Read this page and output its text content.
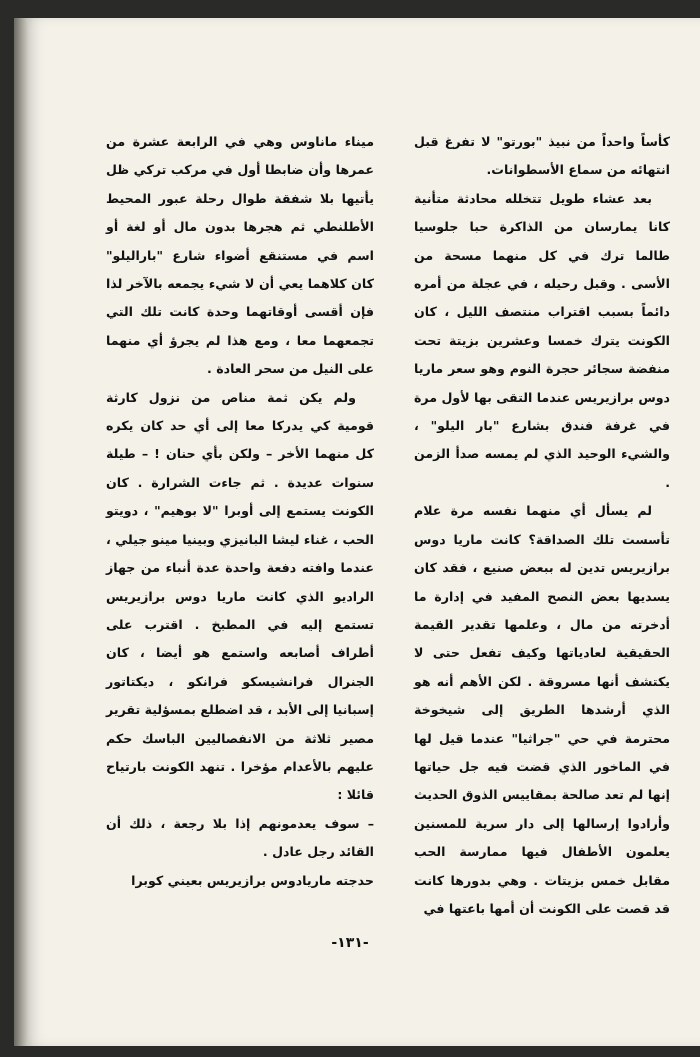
كأساً واحداً من نبيذ "بورتو" لا تفرغ قبل انتهائه من سماع الأسطوانات.

بعد عشاء طويل تتخلله محادثة متأنية كانا يمارسان من الذاكرة حبا جلوسيا طالما ترك في كل منهما مسحة من الأسى . وقبل رحيله ، في عجلة من أمره دائماً بسبب اقتراب منتصف الليل ، كان الكونت يترك خمسا وعشرين بزيتة تحت منفضة سجائر حجرة النوم وهو سعر ماريا دوس برازيريس عندما التقى بها لأول مرة في غرفة فندق بشارع "بار اليلو" ، والشيء الوحيد الذي لم يمسه صدأ الزمن .

لم يسأل أي منهما نفسه مرة علام تأسست تلك الصداقة؟ كانت ماريا دوس برازيريس تدين له ببعض صنيع ، فقد كان يسديها بعض النصح المفيد في إدارة ما أدخرته من مال ، وعلمها تقدير القيمة الحقيقية لعادياتها وكيف تفعل حتى لا يكتشف أنها مسروقة . لكن الأهم أنه هو الذي أرشدها الطريق إلى شيخوخة محترمة في حي "جراثيا" عندما قيل لها في الماخور الذي قضت فيه جل حياتها إنها لم تعد صالحة بمقاييس الذوق الحديث وأرادوا إرسالها إلى دار سرية للمسنين يعلمون الأطفال فيها ممارسة الحب مقابل خمس بزيتات . وهي بدورها كانت قد قصت على الكونت أن أمها باعتها في

ميناء ماناوس وهي في الرابعة عشرة من عمرها وأن ضابطا أول في مركب تركي ظل يأتيها بلا شفقة طوال رحلة عبور المحيط الأطلنطي ثم هجرها بدون مال أو لغة أو اسم في مستنقع أضواء شارع "باراليلو" كان كلاهما يعي أن لا شيء يجمعه بالآخر لذا فإن أقسى أوقاتهما وحدة كانت تلك التي تجمعهما معا ، ومع هذا لم يجرؤ أي منهما على النيل من سحر العادة .

ولم يكن ثمة مناص من نزول كارثة قومية كي يدركا معا إلى أي حد كان يكره كل منهما الأخر – ولكن بأي حنان ! – طيلة سنوات عديدة . ثم جاءت الشرارة . كان الكونت يستمع إلى أوبرا "لا بوهيم" ، دويتو الحب ، غناء ليشا البانيزي وبينيا مينو جيلي ، عندما وافته دفعة واحدة عدة أنباء من جهاز الراديو الذي كانت ماريا دوس برازيريس تستمع إليه في المطبخ . اقترب على أطراف أصابعه واستمع هو أيضا ، كان الجنرال فرانشيسكو فرانكو ، ديكتاتور إسبانيا إلى الأبد ، قد اضطلع بمسؤلية تقرير مصير ثلاثة من الانفصاليين الباسك حكم عليهم بالأعدام مؤخرا . تنهد الكونت بارتياح قائلا :

– سوف يعدمونهم إذا بلا رجعة ، ذلك أن القائد رجل عادل .

حدجته ماريادوس برازيريس بعيني كوبرا

-١٣١-
